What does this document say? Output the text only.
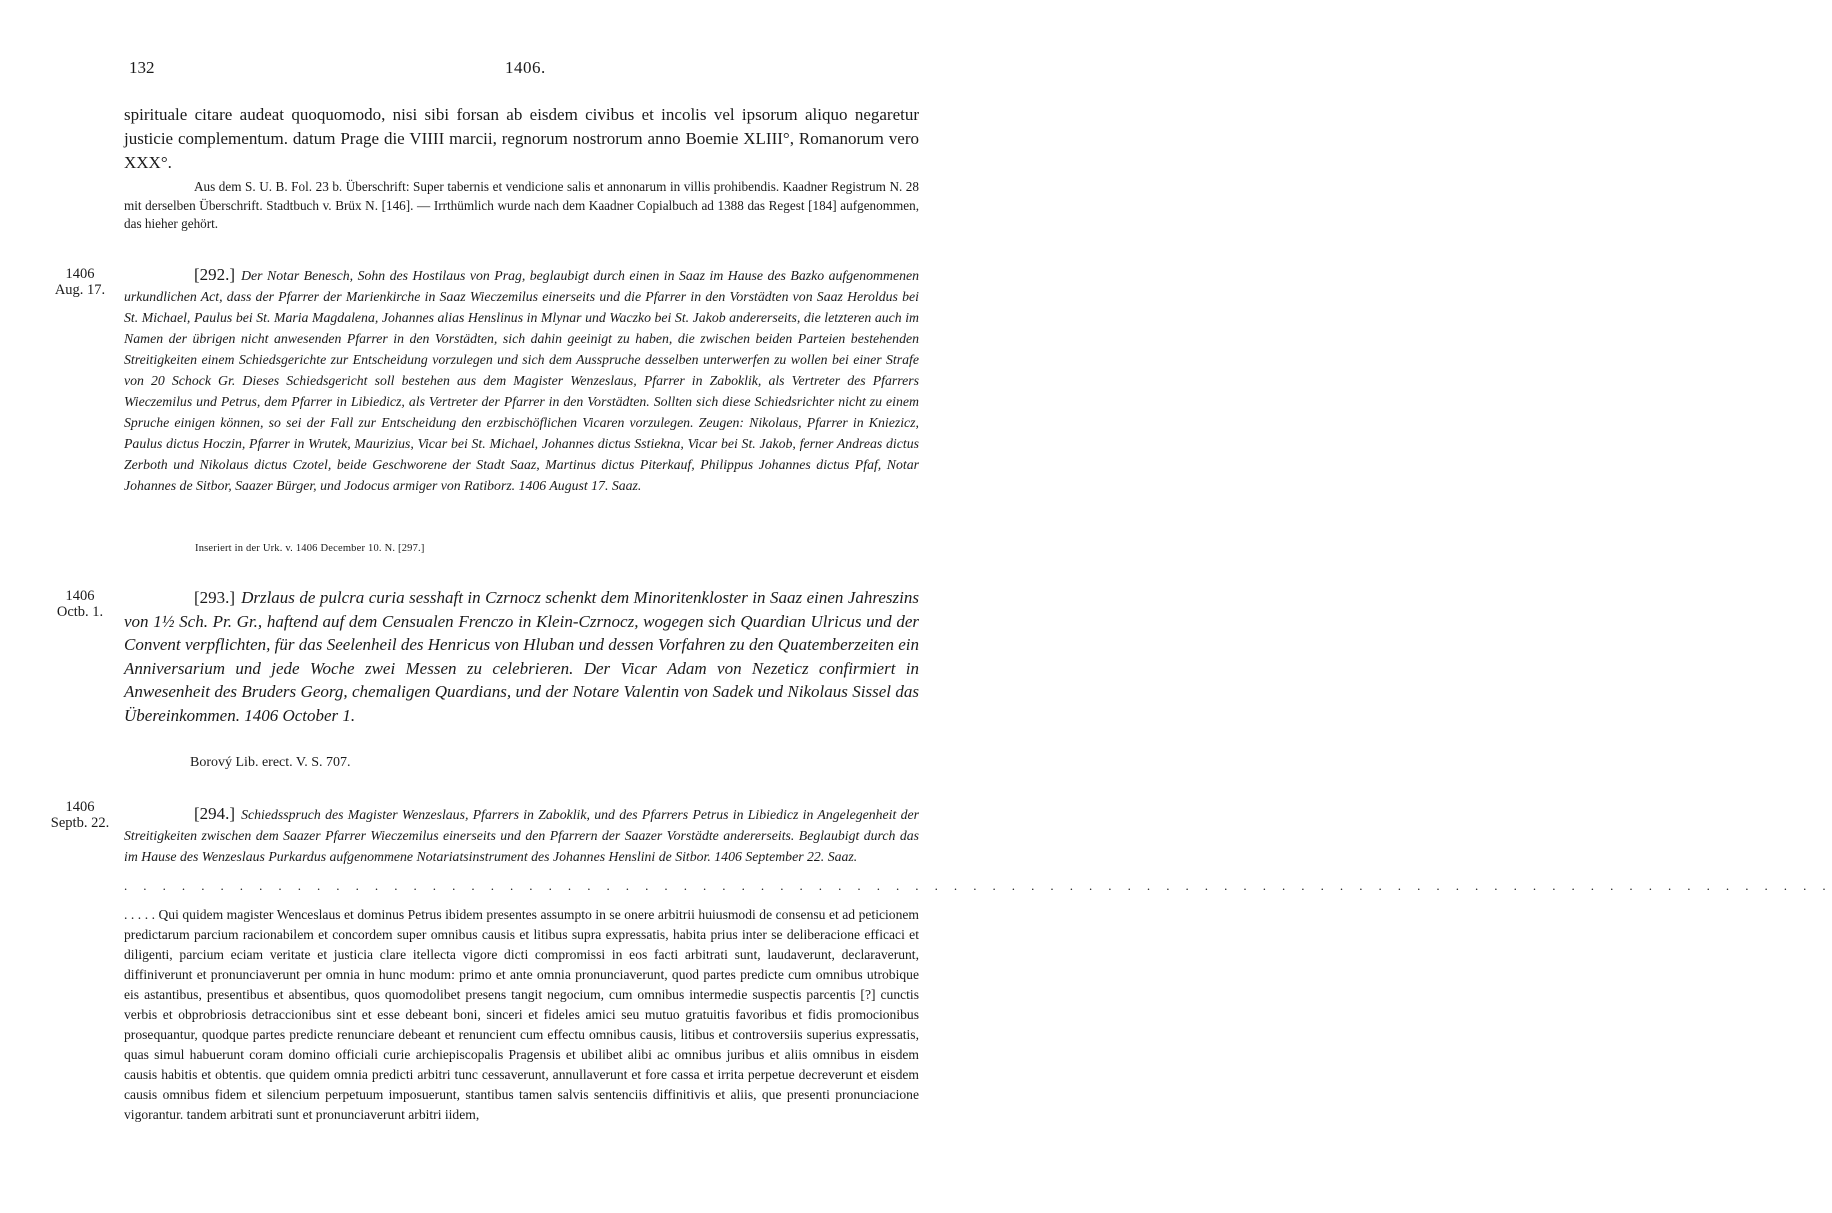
132	1406.
spirituale citare audeat quoquomodo, nisi sibi forsan ab eisdem civibus et incolis vel ipsorum aliquo negaretur justicie complementum. datum Prage die VIIII marcii, regnorum nostrorum anno Boemie XLIII°, Romanorum vero XXX°.
Aus dem S. U. B. Fol. 23 b. Überschrift: Super tabernis et vendicione salis et annonarum in villis prohibendis. Kaadner Registrum N. 28 mit derselben Überschrift. Stadtbuch v. Brüx N. [146]. — Irrthümlich wurde nach dem Kaadner Copialbuch ad 1388 das Regest [184] aufgenommen, das hieher gehört.
1406
Aug. 17.
[292.] Der Notar Benesch, Sohn des Hostilaus von Prag, beglaubigt durch einen in Saaz im Hause des Bazko aufgenommenen urkundlichen Act, dass der Pfarrer der Marienkirche in Saaz Wieczemilus einerseits und die Pfarrer in den Vorstädten von Saaz Heroldus bei St. Michael, Paulus bei St. Maria Magdalena, Johannes alias Henslinus in Mlynar und Waczko bei St. Jakob andererseits, die letzteren auch im Namen der übrigen nicht anwesenden Pfarrer in den Vorstädten, sich dahin geeinigt zu haben, die zwischen beiden Parteien bestehenden Streitigkeiten einem Schiedsgerichte zur Entscheidung vorzulegen und sich dem Ausspruche desselben unterwerfen zu wollen bei einer Strafe von 20 Schock Gr. Dieses Schiedsgericht soll bestehen aus dem Magister Wenzeslaus, Pfarrer in Zaboklik, als Vertreter des Pfarrers Wieczemilus und Petrus, dem Pfarrer in Libiedicz, als Vertreter der Pfarrer in den Vorstädten. Sollten sich diese Schiedsrichter nicht zu einem Spruche einigen können, so sei der Fall zur Entscheidung den erzbischöflichen Vicaren vorzulegen. Zeugen: Nikolaus, Pfarrer in Kniezicz, Paulus dictus Hoczin, Pfarrer in Wrutek, Maurizius, Vicar bei St. Michael, Johannes dictus Sstiekna, Vicar bei St. Jakob, ferner Andreas dictus Zerboth und Nikolaus dictus Czotel, beide Geschworene der Stadt Saaz, Martinus dictus Piterkauf, Philippus Johannes dictus Pfaf, Notar Johannes de Sitbor, Saazer Bürger, und Jodocus armiger von Ratiborz. 1406 August 17. Saaz.
Inseriert in der Urk. v. 1406 December 10. N. [297.]
1406
Octb. 1.
[293.] Drzlaus de pulcra curia sesshaft in Czrnocz schenkt dem Minoritenkloster in Saaz einen Jahreszins von 1½ Sch. Pr. Gr., haftend auf dem Censualen Frenczo in Klein-Czrnocz, wogegen sich Quardian Ulricus und der Convent verpflichten, für das Seelenheil des Henricus von Hluban und dessen Vorfahren zu den Quatemberzeiten ein Anniversarium und jede Woche zwei Messen zu celebrieren. Der Vicar Adam von Nezeticz confirmiert in Anwesenheit des Bruders Georg, chemaligen Quardians, und der Notare Valentin von Sadek und Nikolaus Sissel das Übereinkommen. 1406 October 1.
Borový Lib. erect. V. S. 707.
1406
Septb. 22.	[294.] Schiedsspruch des Magister Wenzeslaus, Pfarrers in Zaboklik, und des Pfarrers Petrus in Libiedicz in Angelegenheit der Streitigkeiten zwischen dem Saazer Pfarrer Wieczemilus einerseits und den Pfarrern der Saazer Vorstädte andererseits. Beglaubigt durch das im Hause des Wenzeslaus Purkardus aufgenommene Notariatsinstrument des Johannes Henslini de Sitbor. 1406 September 22. Saaz.
. . . . . . . . . . . . . . . . . . . . . . . . . . . . . . . . . . . . . . . . . . . . . . . . . . . . . . . . . . . . . . . . . . . . . . . . . . . . . . . . . . . . . . . . .
. . . . . Qui quidem magister Wenceslaus et dominus Petrus ibidem presentes assumpto in se onere arbitrii huiusmodi de consensu et ad peticionem predictarum parcium racionabilem et concordem super omnibus causis et litibus supra expressatis, habita prius inter se deliberacione efficaci et diligenti, parcium eciam veritate et justicia clare itellecta vigore dicti compromissi in eos facti arbitrati sunt, laudaverunt, declaraverunt, diffiniverunt et pronunciaverunt per omnia in hunc modum: primo et ante omnia pronunciaverunt, quod partes predicte cum omnibus utrobique eis astantibus, presentibus et absentibus, quos quomodolibet presens tangit negocium, cum omnibus intermedie suspectis parcentis [?] cunctis verbis et obprobriosis detraccionibus sint et esse debeant boni, sinceri et fideles amici seu mutuo gratuitis favoribus et fidis promocionibus prosequantur, quodque partes predicte renunciare debeant et renuncient cum effectu omnibus causis, litibus et controversiis superius expressatis, quas simul habuerunt coram domino officiali curie archiepiscopalis Pragensis et ubilibet alibi ac omnibus juribus et aliis omnibus in eisdem causis habitis et obtentis. que quidem omnia predicti arbitri tunc cessaverunt, annullaverunt et fore cassa et irrita perpetue decreverunt et eisdem causis omnibus fidem et silencium perpetuum imposuerunt, stantibus tamen salvis sentenciis diffinitivis et aliis, que presenti pronunciacione vigorantur. tandem arbitrati sunt et pronunciaverunt arbitri iidem,
